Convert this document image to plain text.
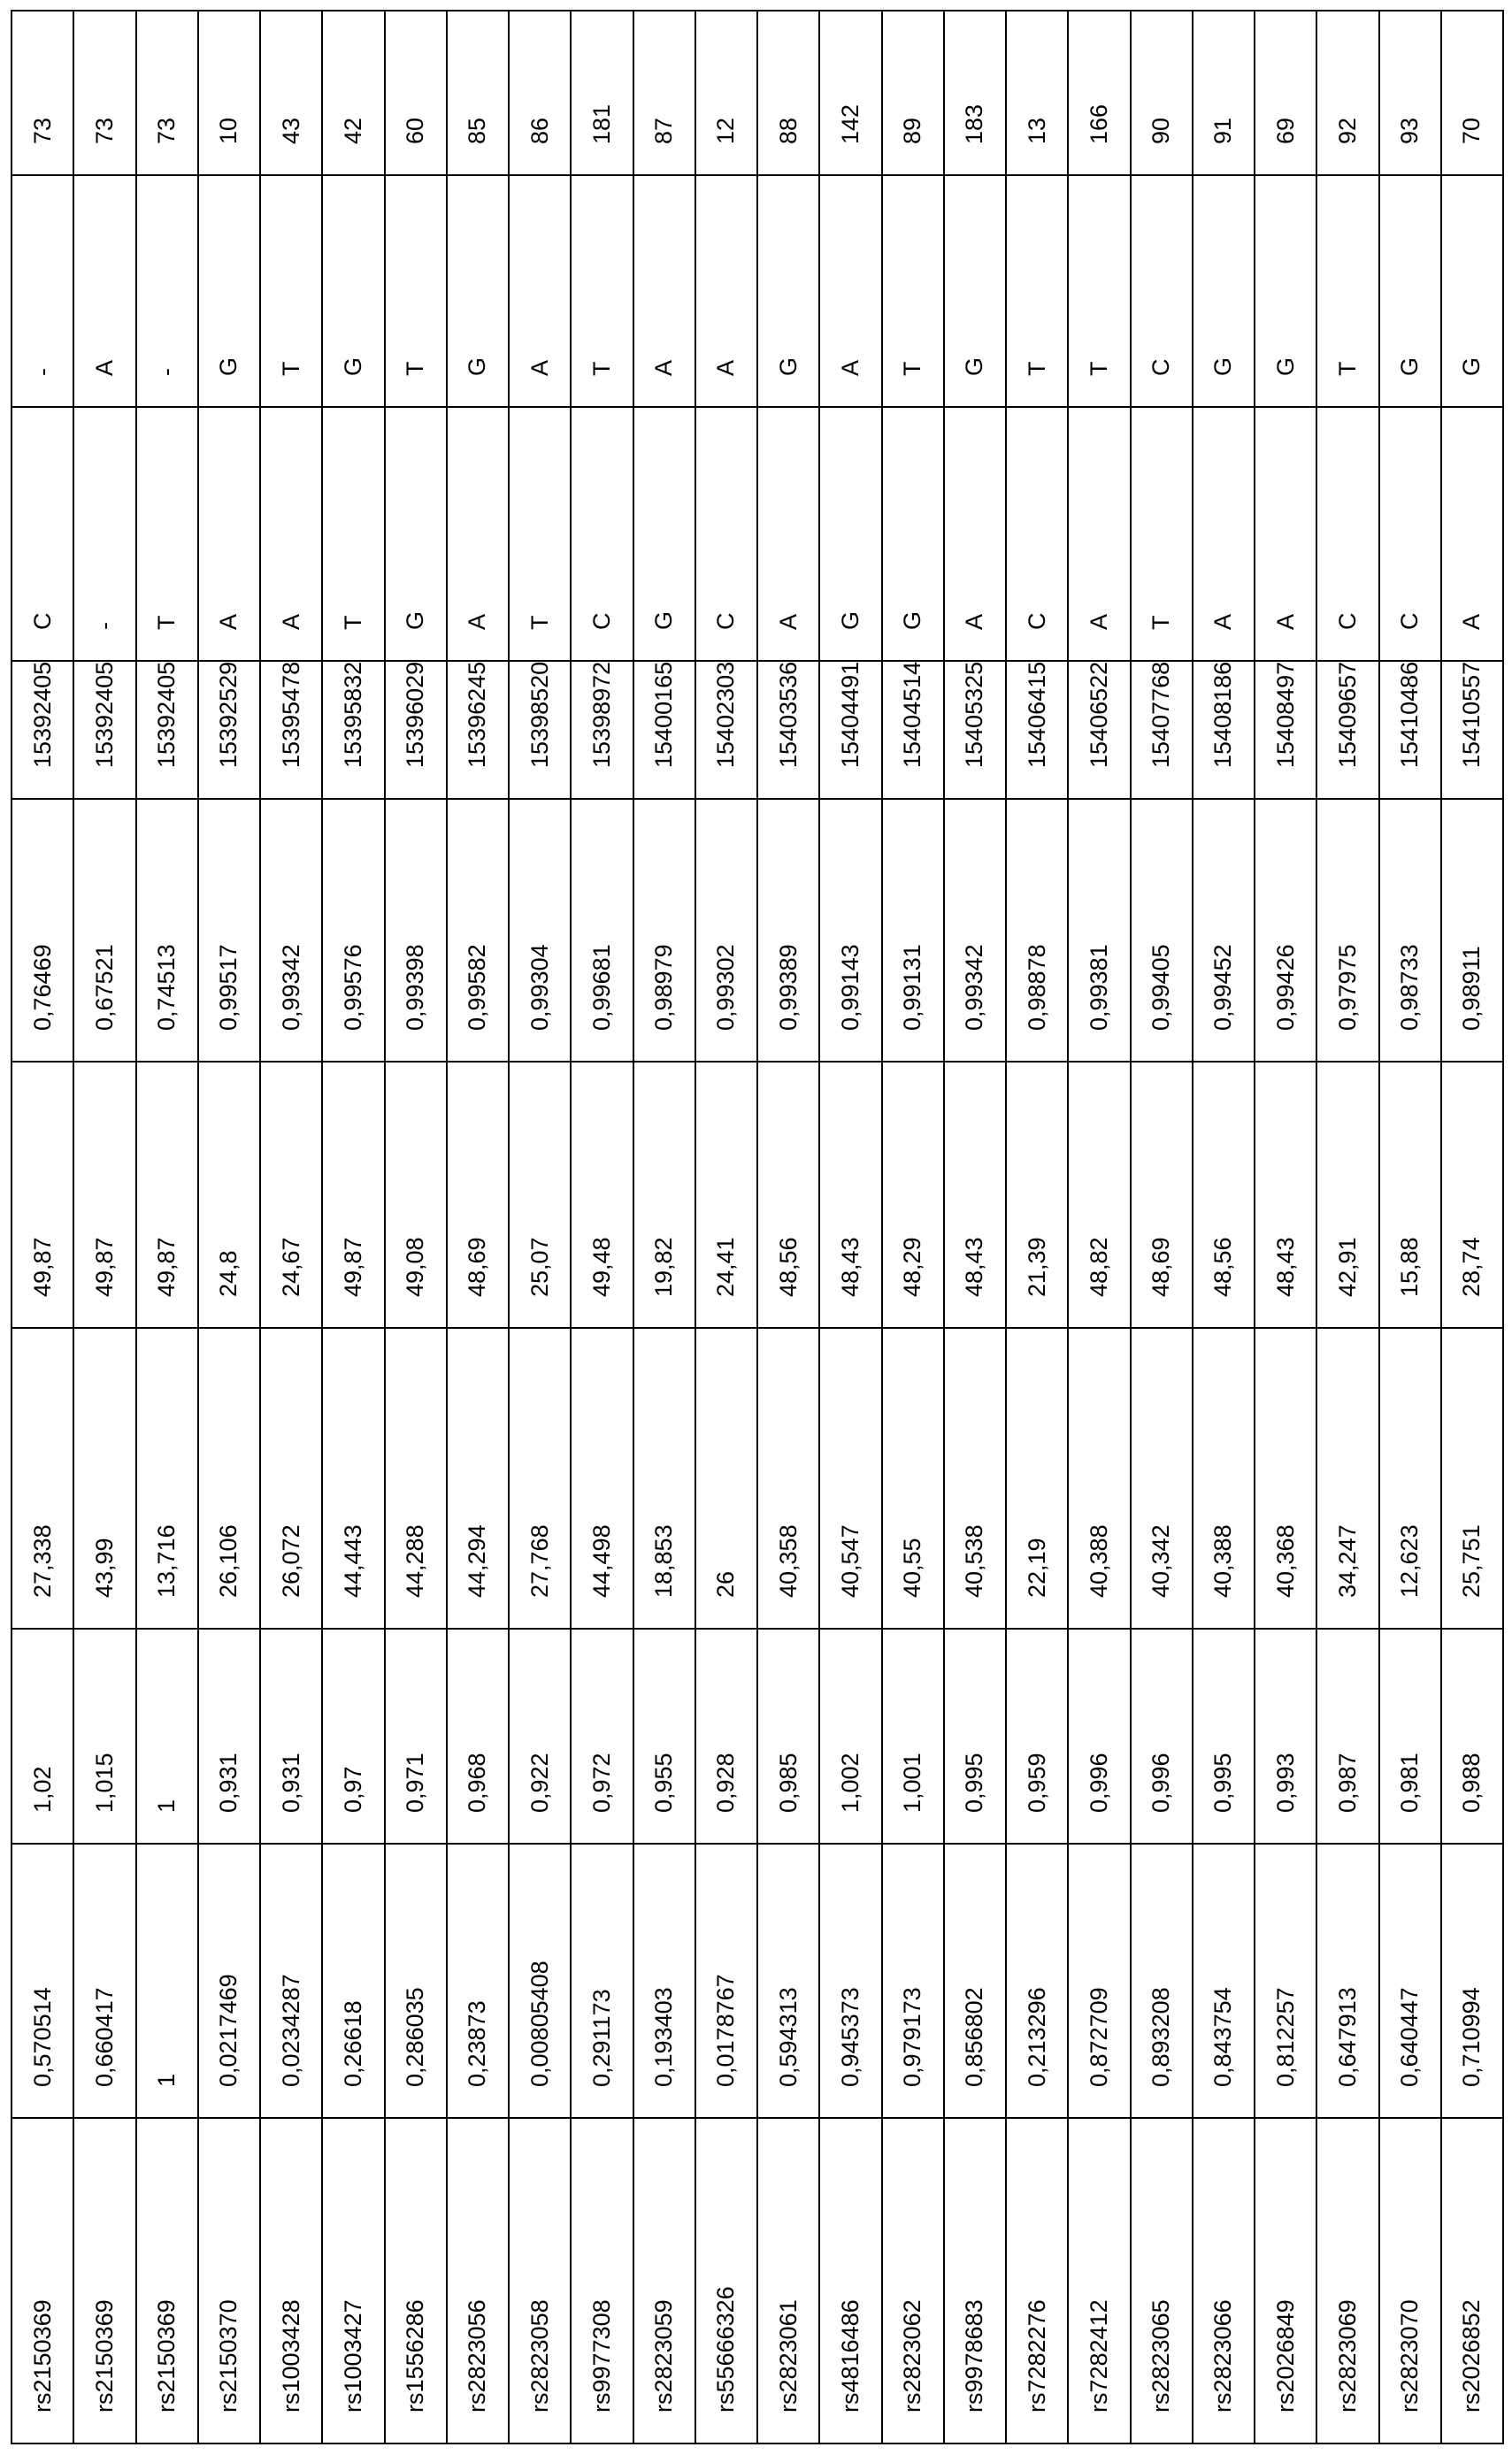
rs2150369	0,570514	1,02	27,338	49,87	0,76469	15392405	C	-	73
rs2150369	0,660417	1,015	43,99	49,87	0,67521	15392405	-	A	73
rs2150369	1	1	13,716	49,87	0,74513	15392405	T	-	73
rs2150370	0,0217469	0,931	26,106	24,8	0,99517	15392529	A	G	10
rs1003428	0,0234287	0,931	26,072	24,67	0,99342	15395478	A	T	43
rs1003427	0,26618	0,97	44,443	49,87	0,99576	15395832	T	G	42
rs1556286	0,286035	0,971	44,288	49,08	0,99398	15396029	G	T	60
rs2823056	0,23873	0,968	44,294	48,69	0,99582	15396245	A	G	85
rs2823058	0,00805408	0,922	27,768	25,07	0,99304	15398520	T	A	86
rs9977308	0,291173	0,972	44,498	49,48	0,99681	15398972	C	T	181
rs2823059	0,193403	0,955	18,853	19,82	0,98979	15400165	G	A	87
rs55666326	0,0178767	0,928	26	24,41	0,99302	15402303	C	A	12
rs2823061	0,594313	0,985	40,358	48,56	0,99389	15403536	A	G	88
rs4816486	0,945373	1,002	40,547	48,43	0,99143	15404491	G	A	142
rs2823062	0,979173	1,001	40,55	48,29	0,99131	15404514	G	T	89
rs9978683	0,856802	0,995	40,538	48,43	0,99342	15405325	A	G	183
rs7282276	0,213296	0,959	22,19	21,39	0,98878	15406415	C	T	13
rs7282412	0,872709	0,996	40,388	48,82	0,99381	15406522	A	T	166
rs2823065	0,893208	0,996	40,342	48,69	0,99405	15407768	T	C	90
rs2823066	0,843754	0,995	40,388	48,56	0,99452	15408186	A	G	91
rs2026849	0,812257	0,993	40,368	48,43	0,99426	15408497	A	G	69
rs2823069	0,647913	0,987	34,247	42,91	0,97975	15409657	C	T	92
rs2823070	0,640447	0,981	12,623	15,88	0,98733	15410486	C	G	93
rs2026852	0,710994	0,988	25,751	28,74	0,98911	15410557	A	G	70
